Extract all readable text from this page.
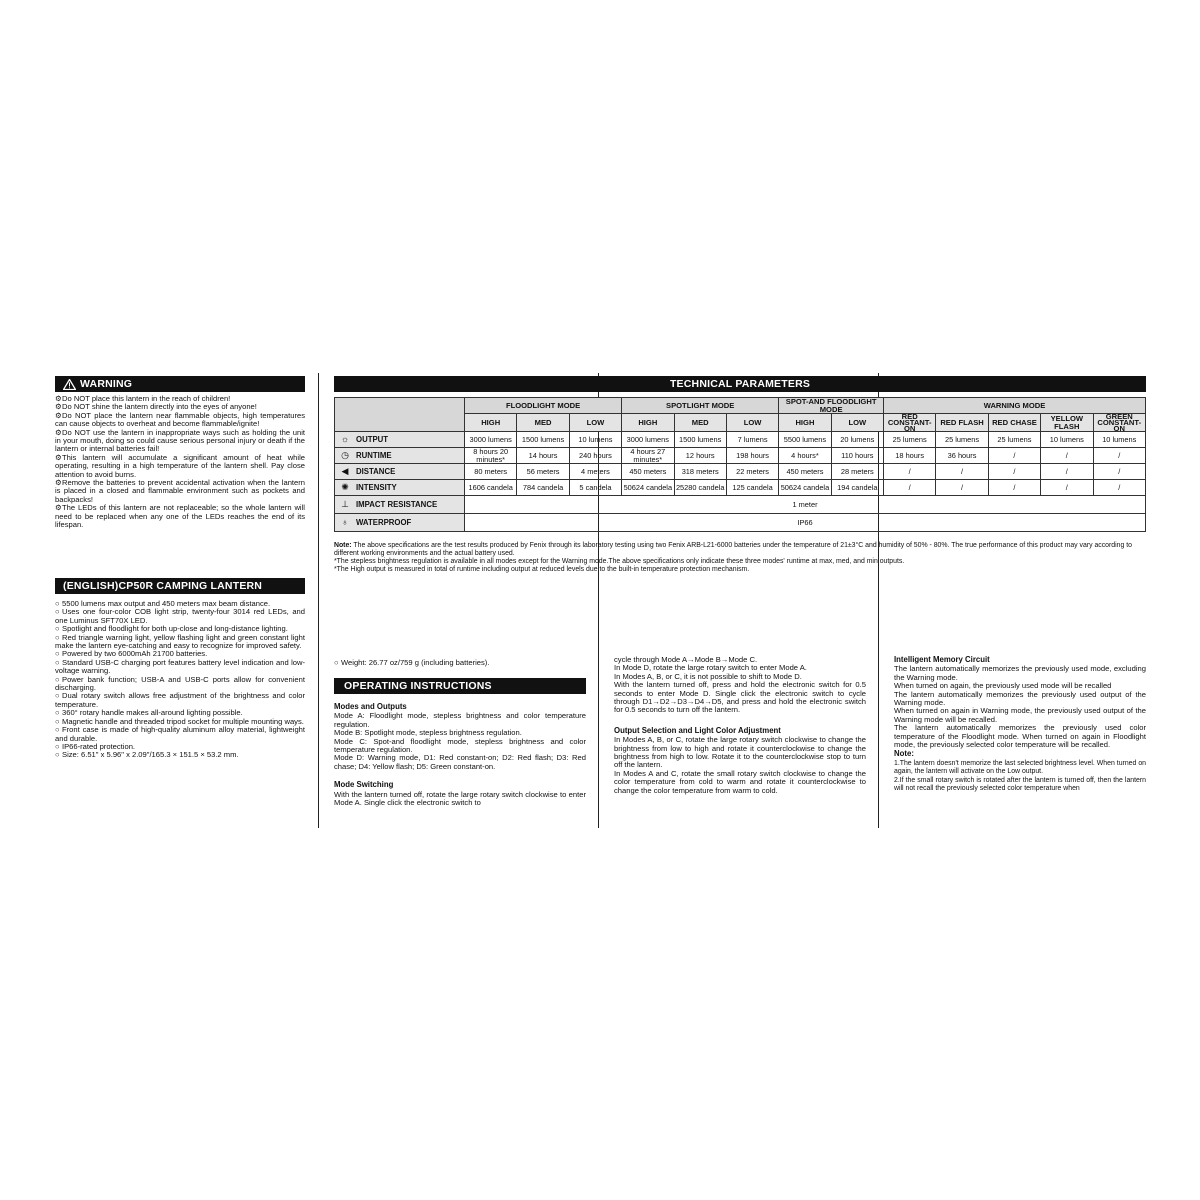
WARNING

⚙Do NOT place this lantern in the reach of children!

⚙Do NOT shine the lantern directly into the eyes of anyone!

⚙Do NOT place the lantern near flammable objects, high temperatures can cause objects to overheat and become flammable/ignite!

⚙Do NOT use the lantern in inappropriate ways such as holding the unit in your mouth, doing so could cause serious personal injury or death if the lantern or internal batteries fail!

⚙This lantern will accumulate a significant amount of heat while operating, resulting in a high temperature of the lantern shell. Pay close attention to avoid burns.

⚙Remove the batteries to prevent accidental activation when the lantern is placed in a closed and flammable environment such as pockets and backpacks!

⚙The LEDs of this lantern are not replaceable; so the whole lantern will need to be replaced when any one of the LEDs reaches the end of its lifespan.

(ENGLISH)CP50R CAMPING LANTERN

○ 5500 lumens max output and 450 meters max beam distance.

○ Uses one four-color COB light strip, twenty-four 3014 red LEDs, and one Luminus SFT70X LED.

○ Spotlight and floodlight for both up-close and long-distance lighting.

○ Red triangle warning light, yellow flashing light and green constant light make the lantern eye-catching and easy to recognize for improved safety.

○ Powered by two 6000mAh 21700 batteries.

○ Standard USB-C charging port features battery level indication and low-voltage warning.

○ Power bank function; USB-A and USB-C ports allow for convenient discharging.

○ Dual rotary switch allows free adjustment of the brightness and color temperature.

○ 360° rotary handle makes all-around lighting possible.

○ Magnetic handle and threaded tripod socket for multiple mounting ways.

○ Front case is made of high-quality aluminum alloy material, lightweight and durable.

○ IP66-rated protection.

○ Size: 6.51" x 5.96" x 2.09"/165.3 × 151.5 × 53.2 mm.

TECHNICAL PARAMETERS
	FLOODLIGHT MODE			SPOTLIGHT MODE			SPOT-AND FLOODLIGHT MODE		WARNING MODE				
	HIGH	MED	LOW	HIGH	MED	LOW	HIGH	LOW	RED CONSTANT-ON	RED FLASH	RED CHASE	YELLOW FLASH	GREEN CONSTANT-ON
☼ OUTPUT	3000 lumens	1500 lumens	10 lumens	3000 lumens	1500 lumens	7 lumens	5500 lumens	20 lumens	25 lumens	25 lumens	25 lumens	10 lumens	10 lumens
◷ RUNTIME	8 hours 20 minutes*	14 hours	240 hours	4 hours 27 minutes*	12 hours	198 hours	4 hours*	110 hours	18 hours	36 hours	/	/	/
◀ DISTANCE	80 meters	56 meters	4 meters	450 meters	318 meters	22 meters	450 meters	28 meters	/	/	/	/	/
✺ INTENSITY	1606 candela	784 candela	5 candela	50624 candela	25280 candela	125 candela	50624 candela	194 candela	/	/	/	/	/
⊥ IMPACT RESISTANCE	1 meter												
♁ WATERPROOF	IP66												
Note: The above specifications are the test results produced by Fenix through its laboratory testing using two Fenix ARB-L21-6000 batteries under the temperature of 21±3°C and humidity of 50% - 80%. The true performance of this product may vary according to different working environments and the actual battery used.
*The stepless brightness regulation is available in all modes except for the Warning mode.The above specifications only indicate these three modes' runtime at max, med, and min outputs.
*The High output is measured in total of runtime including output at reduced levels due to the built-in temperature protection mechanism.
○ Weight: 26.77 oz/759 g (including batteries).
OPERATING INSTRUCTIONS
Modes and Outputs

Mode A: Floodlight mode, stepless brightness and color temperature regulation.

Mode B: Spotlight mode, stepless brightness regulation.

Mode C: Spot-and floodlight mode, stepless brightness and color temperature regulation.

Mode D: Warning mode, D1: Red constant-on; D2: Red flash; D3: Red chase; D4: Yellow flash; D5: Green constant-on.

Mode Switching

With the lantern turned off, rotate the large rotary switch clockwise to enter Mode A. Single click the electronic switch to

cycle through Mode A→Mode B→Mode C.

In Mode D, rotate the large rotary switch to enter Mode A.

In Modes A, B, or C, it is not possible to shift to Mode D.

With the lantern turned off, press and hold the electronic switch for 0.5 seconds to enter Mode D. Single click the electronic switch to cycle through D1→D2→D3→D4→D5, and press and hold the electronic switch for 0.5 seconds to turn off the lantern.

Output Selection and Light Color Adjustment

In Modes A, B, or C, rotate the large rotary switch clockwise to change the brightness from low to high and rotate it counterclockwise to change the brightness from high to low. Rotate it to the counterclockwise stop to turn off the lantern.

In Modes A and C, rotate the small rotary switch clockwise to change the color temperature from cold to warm and rotate it counterclockwise to change the color temperature from warm to cold.

Intelligent Memory Circuit

The lantern automatically memorizes the previously used mode, excluding the Warning mode.

When turned on again, the previously used mode will be recalled

The lantern automatically memorizes the previously used output of the Warning mode.

When turned on again in Warning mode, the previously used output of the Warning mode will be recalled.

The lantern automatically memorizes the previously used color temperature of the Floodlight mode. When turned on again in Floodlight mode, the previously selected color temperature will be recalled.

Note:

1.The lantern doesn't memorize the last selected brightness level. When turned on again, the lantern will activate on the Low output.

2.If the small rotary switch is rotated after the lantern is turned off, then the lantern will not recall the previously selected color temperature when
